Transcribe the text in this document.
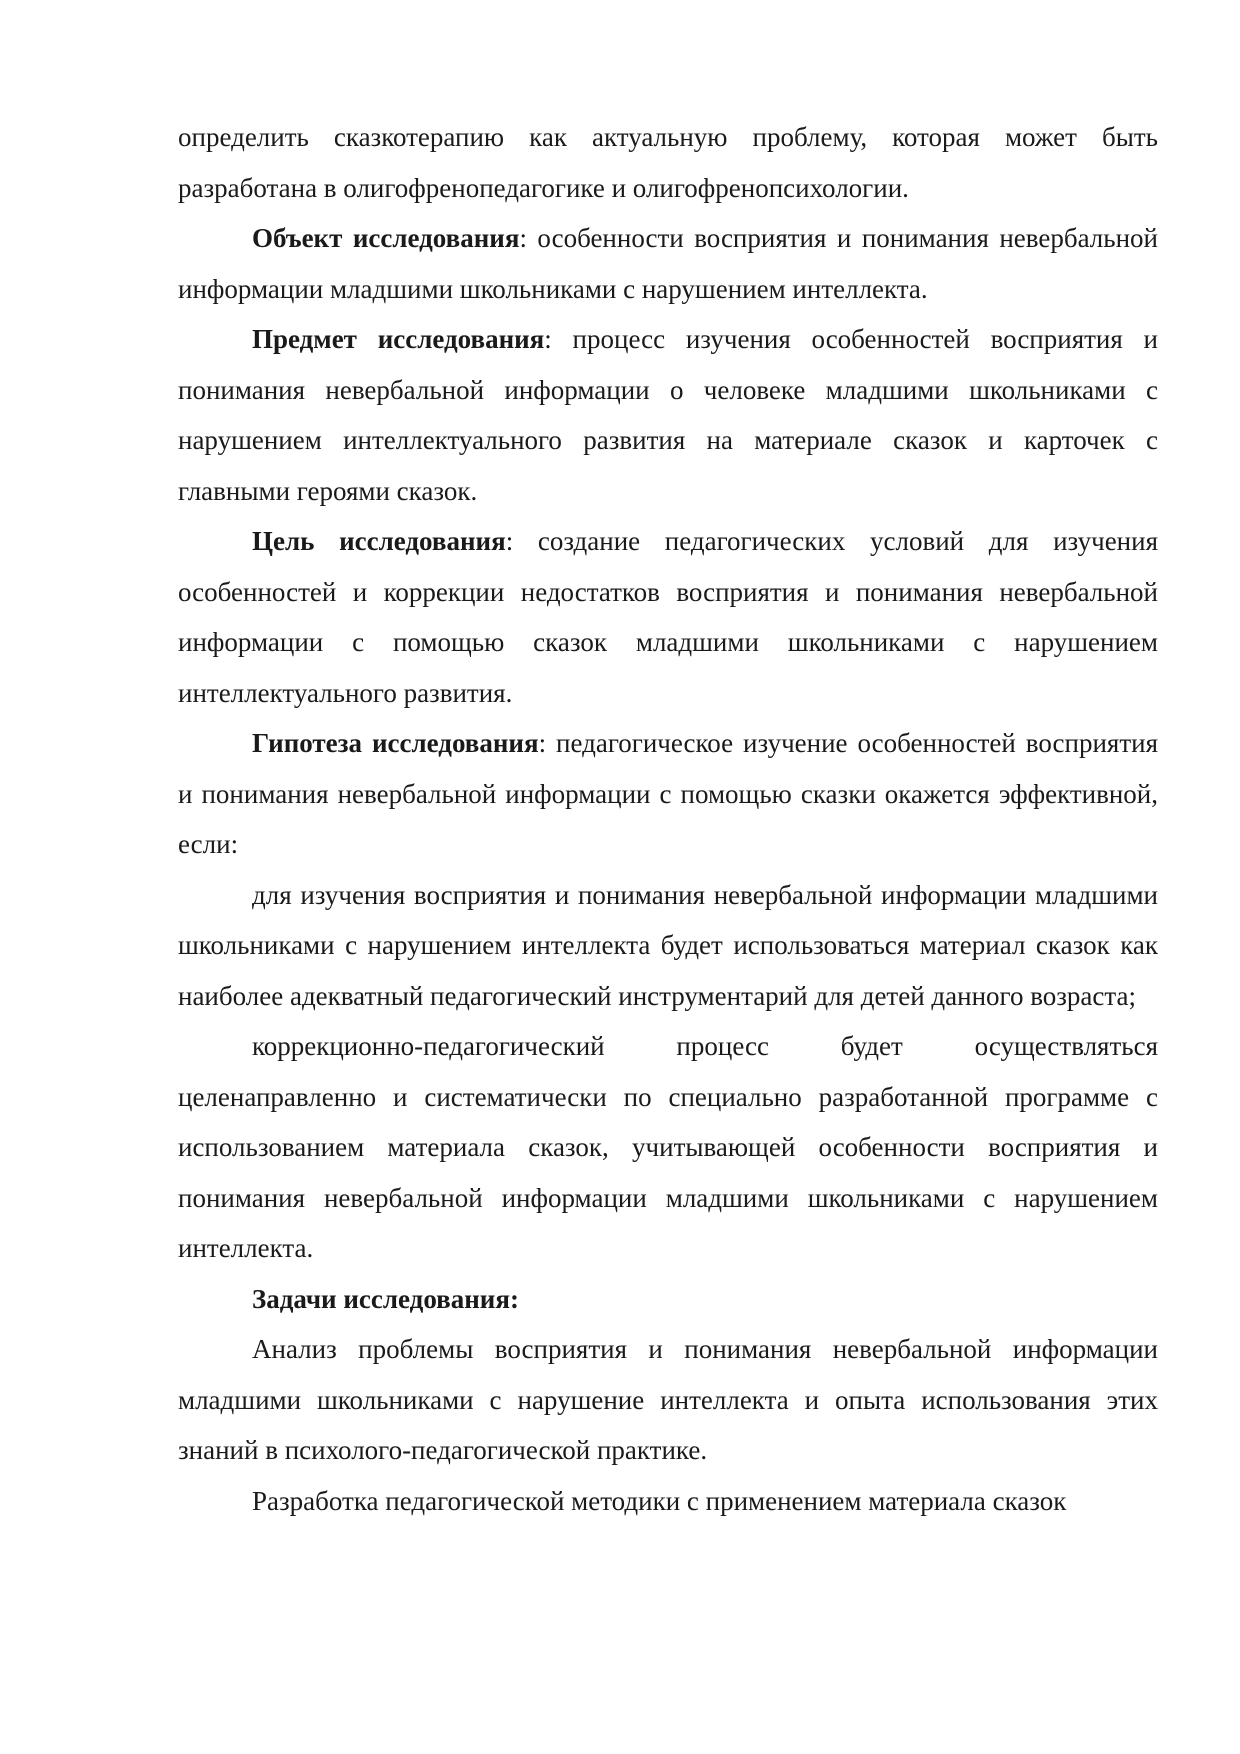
определить сказкотерапию как актуальную проблему, которая может быть разработана в олигофренопедагогике и олигофренопсихологии.

Объект исследования: особенности восприятия и понимания невербальной информации младшими школьниками с нарушением интеллекта.

Предмет исследования: процесс изучения особенностей восприятия и понимания невербальной информации о человеке младшими школьниками с нарушением интеллектуального развития на материале сказок и карточек с главными героями сказок.

Цель исследования: создание педагогических условий для изучения особенностей и коррекции недостатков восприятия и понимания невербальной информации с помощью сказок младшими школьниками с нарушением интеллектуального развития.

Гипотеза исследования: педагогическое изучение особенностей восприятия и понимания невербальной информации с помощью сказки окажется эффективной, если:

для изучения восприятия и понимания невербальной информации младшими школьниками с нарушением интеллекта будет использоваться материал сказок как наиболее адекватный педагогический инструментарий для детей данного возраста;

коррекционно-педагогический процесс будет осуществляться целенаправленно и систематически по специально разработанной программе с использованием материала сказок, учитывающей особенности восприятия и понимания невербальной информации младшими школьниками с нарушением интеллекта.

Задачи исследования:

Анализ проблемы восприятия и понимания невербальной информации младшими школьниками с нарушение интеллекта и опыта использования этих знаний в психолого-педагогической практике.

Разработка педагогической методики с применением материала сказок
